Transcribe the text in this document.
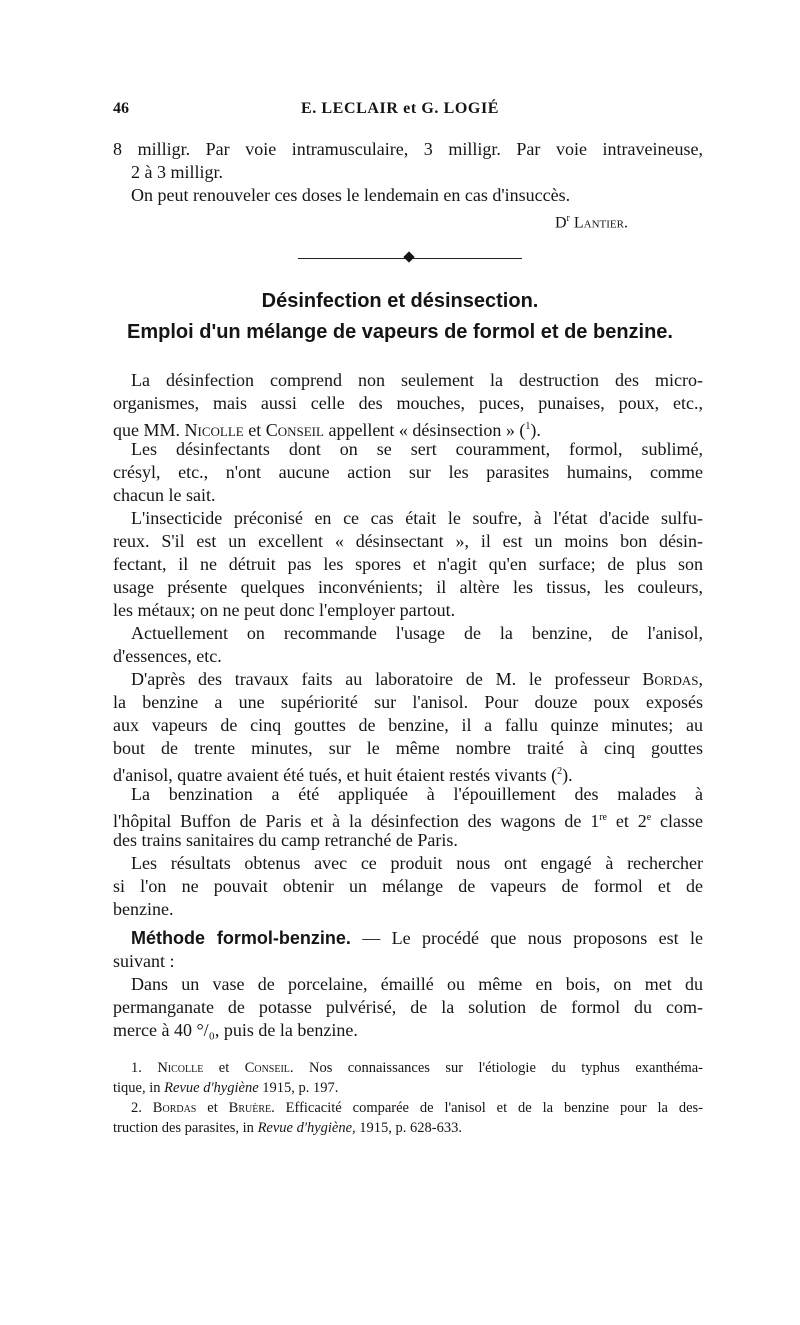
46	E. LECLAIR et G. LOGIÉ
8 milligr. Par voie intramusculaire, 3 milligr. Par voie intraveineuse,
2 à 3 milligr.
On peut renouveler ces doses le lendemain en cas d'insuccès.
$D^r$ Lantier.
Désinfection et désinsection.
Emploi d'un mélange de vapeurs de formol et de benzine.
La désinfection comprend non seulement la destruction des micro-
organismes, mais aussi celle des mouches, puces, punaises, poux, etc.,
que MM. Nicolle et Conseil appellent « désinsection » ($^1$).
Les désinfectants dont on se sert couramment, formol, sublimé,
crésyl, etc., n'ont aucune action sur les parasites humains, comme
chacun le sait.
L'insecticide préconisé en ce cas était le soufre, à l'état d'acide sulfu-
reux. S'il est un excellent « désinsectant », il est un moins bon désin-
fectant, il ne détruit pas les spores et n'agit qu'en surface; de plus son
usage présente quelques inconvénients; il altère les tissus, les couleurs,
les métaux; on ne peut donc l'employer partout.
Actuellement on recommande l'usage de la benzine, de l'anisol,
d'essences, etc.
D'après des travaux faits au laboratoire de M. le professeur Bordas,
la benzine a une supériorité sur l'anisol. Pour douze poux exposés
aux vapeurs de cinq gouttes de benzine, il a fallu quinze minutes; au
bout de trente minutes, sur le même nombre traité à cinq gouttes
d'anisol, quatre avaient été tués, et huit étaient restés vivants ($^2$).
La benzination a été appliquée à l'épouillement des malades à
l'hôpital Buffon de Paris et à la désinfection des wagons de 1re et 2e classe
des trains sanitaires du camp retranché de Paris.
Les résultats obtenus avec ce produit nous ont engagé à rechercher
si l'on ne pouvait obtenir un mélange de vapeurs de formol et de
benzine.
Méthode formol-benzine. — Le procédé que nous proposons est le
suivant :
Dans un vase de porcelaine, émaillé ou même en bois, on met du
permanganate de potasse pulvérisé, de la solution de formol du com-
merce à 40 °/₀, puis de la benzine.
1. Nicolle et Conseil. Nos connaissances sur l'étiologie du typhus exanthéma-
tique, in Revue d'hygiène 1915, p. 197.
2. Bordas et Bruère. Efficacité comparée de l'anisol et de la benzine pour la des-
truction des parasites, in Revue d'hygiène, 1915, p. 628-633.
